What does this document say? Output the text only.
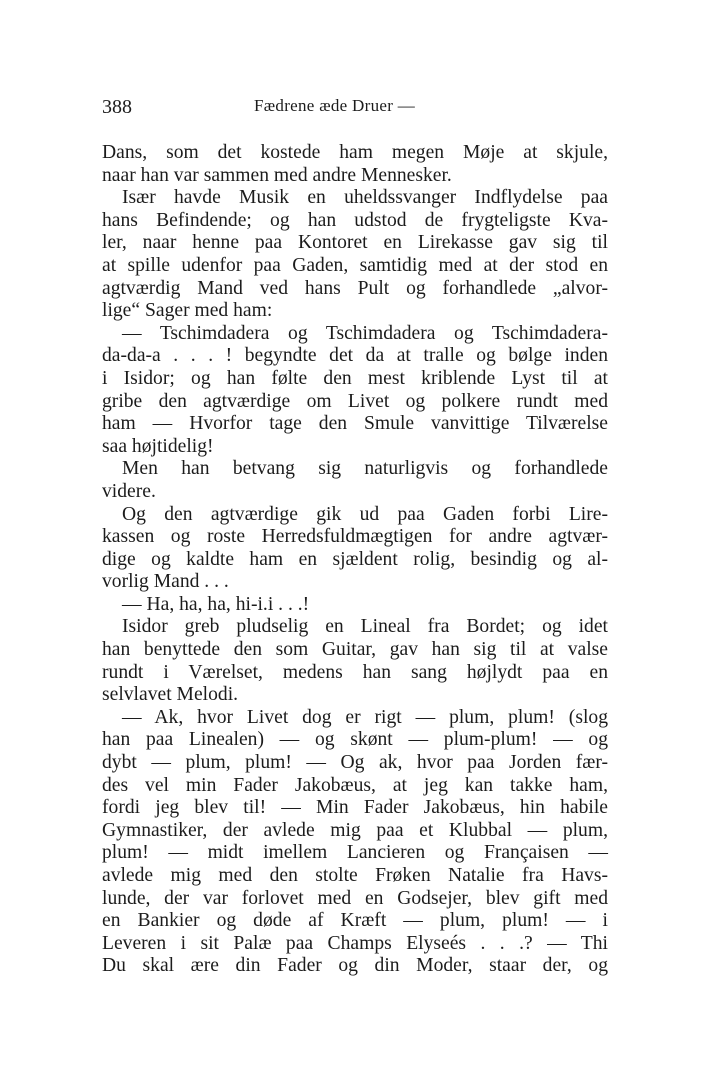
388	Fædrene æde Druer —
Dans, som det kostede ham megen Møje at skjule,
naar han var sammen med andre Mennesker.
Især havde Musik en uheldssvanger Indflydelse paa
hans Befindende; og han udstod de frygteligste Kva-
ler, naar henne paa Kontoret en Lirekasse gav sig til
at spille udenfor paa Gaden, samtidig med at der stod en
agtværdig Mand ved hans Pult og forhandlede „alvor-
lige“ Sager med ham:
— Tschimdadera og Tschimdadera og Tschimdadera-
da-da-a . . . ! begyndte det da at tralle og bølge inden
i Isidor; og han følte den mest kriblende Lyst til at
gribe den agtværdige om Livet og polkere rundt med
ham — Hvorfor tage den Smule vanvittige Tilværelse
saa højtidelig!
Men han betvang sig naturligvis og forhandlede
videre.
Og den agtværdige gik ud paa Gaden forbi Lire-
kassen og roste Herredsfuldmægtigen for andre agtvær-
dige og kaldte ham en sjældent rolig, besindig og al-
vorlig Mand . . .
— Ha, ha, ha, hi-i.i . . .!
Isidor greb pludselig en Lineal fra Bordet; og idet
han benyttede den som Guitar, gav han sig til at valse
rundt i Værelset, medens han sang højlydt paa en
selvlavet Melodi.
— Ak, hvor Livet dog er rigt — plum, plum! (slog
han paa Linealen) — og skønt — plum-plum! — og
dybt — plum, plum! — Og ak, hvor paa Jorden fær-
des vel min Fader Jakobæus, at jeg kan takke ham,
fordi jeg blev til! — Min Fader Jakobæus, hin habile
Gymnastiker, der avlede mig paa et Klubbal — plum,
plum! — midt imellem Lancieren og Françaisen —
avlede mig med den stolte Frøken Natalie fra Havs-
lunde, der var forlovet med en Godsejer, blev gift med
en Bankier og døde af Kræft — plum, plum! — i
Leveren i sit Palæ paa Champs Elyseés . . .? — Thi
Du skal ære din Fader og din Moder, staar der, og
